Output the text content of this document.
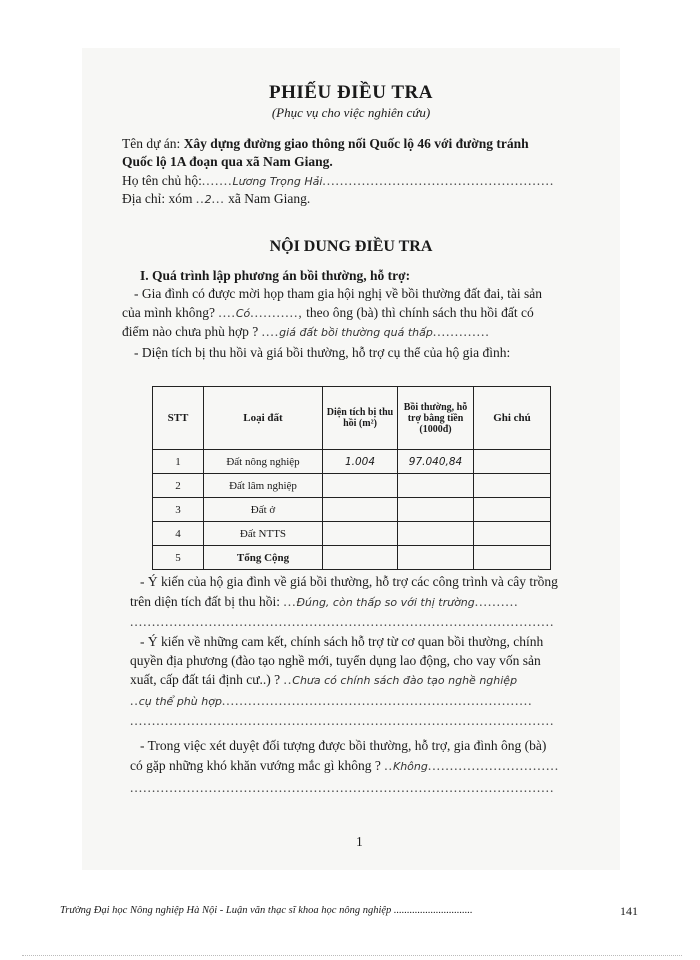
PHIẾU ĐIỀU TRA
(Phục vụ cho việc nghiên cứu)
Tên dự án: Xây dựng đường giao thông nối Quốc lộ 46 với đường tránh
Quốc lộ 1A đoạn qua xã Nam Giang.
Họ tên chủ hộ:.......Lương Trọng Hải.....................................................
Địa chỉ: xóm ..2... xã Nam Giang.
NỘI DUNG ĐIỀU TRA
I. Quá trình lập phương án bồi thường, hỗ trợ:
- Gia đình có được mời họp tham gia hội nghị về bồi thường đất đai, tài sản
của mình không? ....Có..........., theo ông (bà) thì chính sách thu hồi đất có
điểm nào chưa phù hợp ? ....giá đất bồi thường quá thấp.............
- Diện tích bị thu hồi và giá bồi thường, hỗ trợ cụ thể của hộ gia đình:
STT	Loại đất	Diện tích bị thu hồi (m²)	Bồi thường, hỗ trợ bằng tiền (1000đ)	Ghi chú
1	Đất nông nghiệp	1.004	97.040,84	
2	Đất lâm nghiệp			
3	Đất ở			
4	Đất NTTS			
5	Tổng Cộng			
- Ý kiến của hộ gia đình về giá bồi thường, hỗ trợ các công trình và cây trồng
trên diện tích đất bị thu hồi: ...Đúng, còn thấp so với thị trường..........
.................................................................................................
- Ý kiến về những cam kết, chính sách hỗ trợ từ cơ quan bồi thường, chính
quyền địa phương (đào tạo nghề mới, tuyển dụng lao động, cho vay vốn sản
xuất, cấp đất tái định cư..) ? ..Chưa có chính sách đào tạo nghề nghiệp
..cụ thể phù hợp.......................................................................
.................................................................................................
- Trong việc xét duyệt đối tượng được bồi thường, hỗ trợ, gia đình ông (bà)
có gặp những khó khăn vướng mắc gì không ? ..Không..............................
.................................................................................................
1
Trường Đại học Nông nghiệp Hà Nội - Luận văn thạc sĩ khoa học nông nghiệp ..............................	141
